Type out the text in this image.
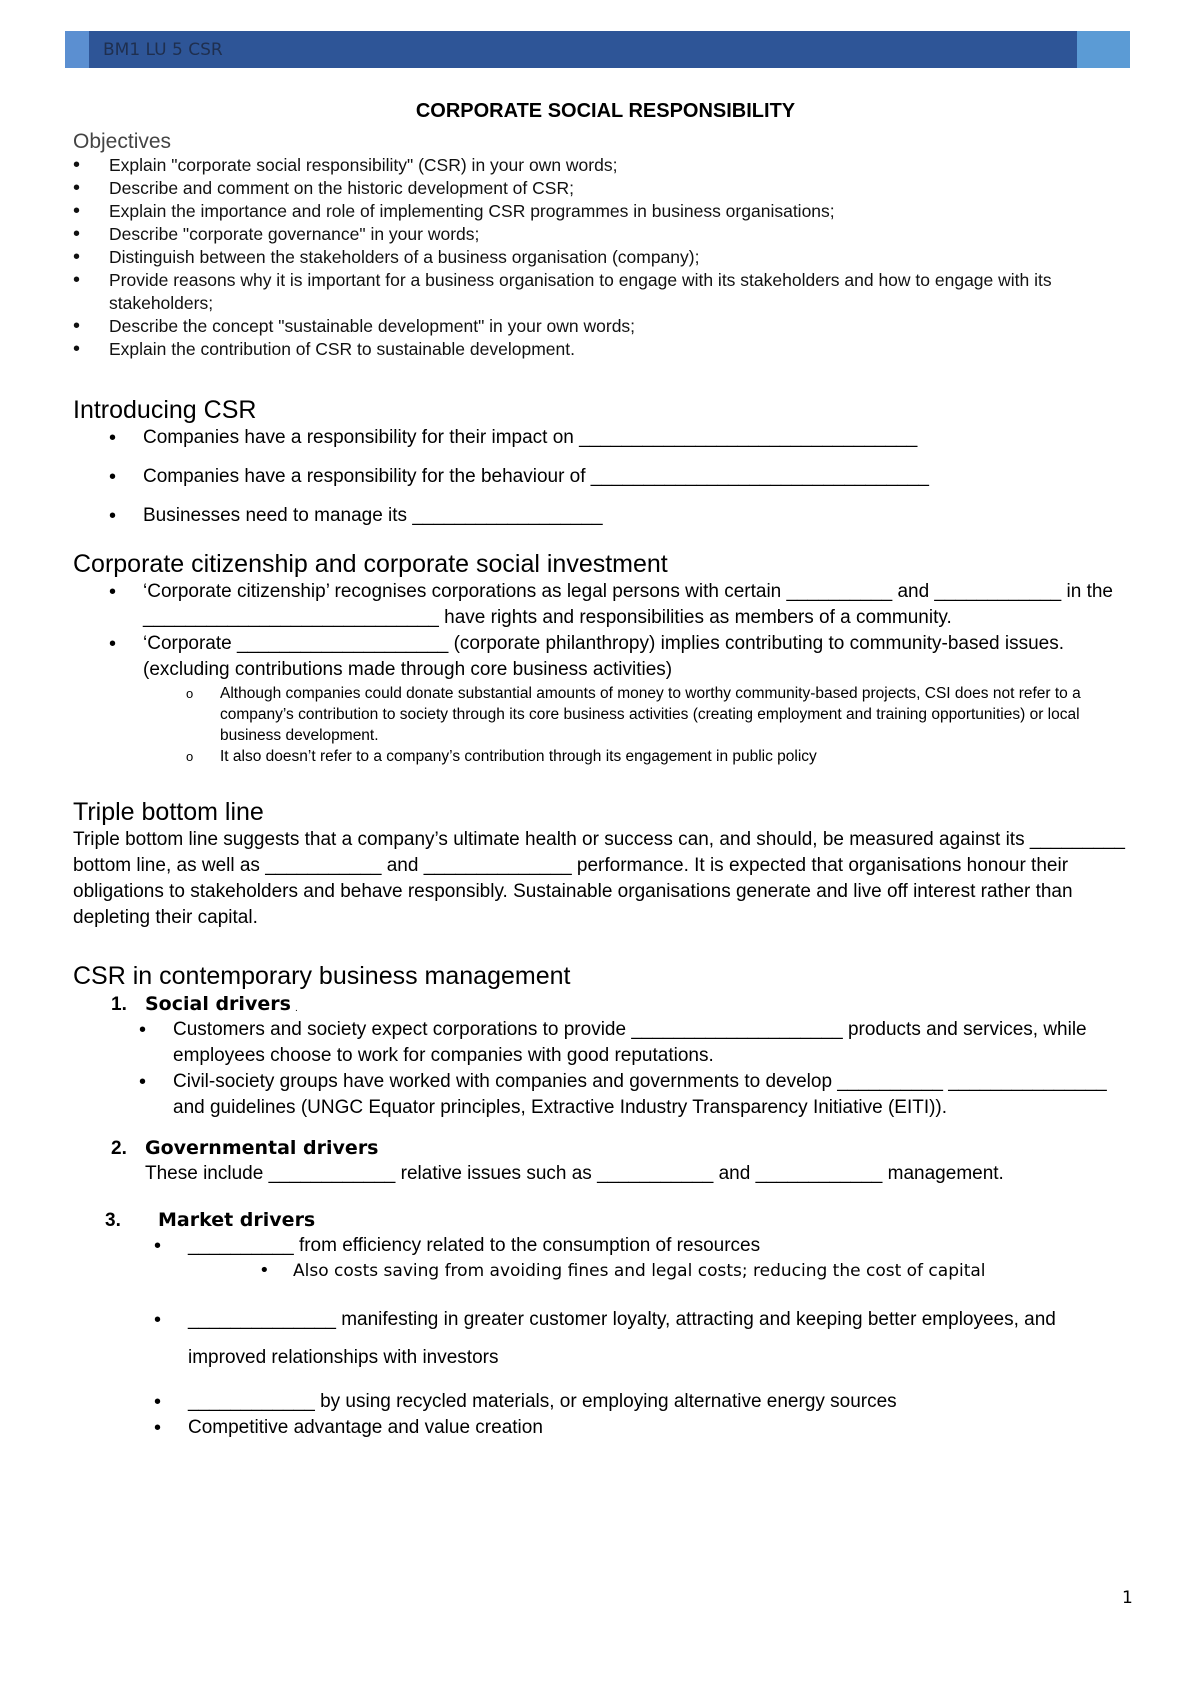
BM1 LU 5 CSR
CORPORATE SOCIAL RESPONSIBILITY
Objectives
• Explain "corporate social responsibility" (CSR) in your own words;
• Describe and comment on the historic development of CSR;
• Explain the importance and role of implementing CSR programmes in business organisations;
• Describe "corporate governance" in your words;
• Distinguish between the stakeholders of a business organisation (company);
• Provide reasons why it is important for a business organisation to engage with its stakeholders and how to engage with its stakeholders;
• Describe the concept "sustainable development" in your own words;
• Explain the contribution of CSR to sustainable development.
Introducing CSR
• Companies have a responsibility for their impact on ________________________________
• Companies have a responsibility for the behaviour of ________________________________
• Businesses need to manage its __________________
Corporate citizenship and corporate social investment
• ‘Corporate citizenship’ recognises corporations as legal persons with certain __________ and ____________ in the ____________________________ have rights and responsibilities as members of a community.
• ‘Corporate ____________________ (corporate philanthropy) implies contributing to community-based issues. (excluding contributions made through core business activities)
o Although companies could donate substantial amounts of money to worthy community-based projects, CSI does not refer to a company’s contribution to society through its core business activities (creating employment and training opportunities) or local business development.
o It also doesn’t refer to a company’s contribution through its engagement in public policy
Triple bottom line

Triple bottom line suggests that a company’s ultimate health or success can, and should, be measured against its _________ bottom line, as well as ___________ and ______________ performance. It is expected that organisations honour their obligations to stakeholders and behave responsibly. Sustainable organisations generate and live off interest rather than depleting their capital.

CSR in contemporary business management
1. Social drivers
• Customers and society expect corporations to provide ____________________ products and services, while employees choose to work for companies with good reputations.
• Civil-society groups have worked with companies and governments to develop __________ _______________ and guidelines (UNGC Equator principles, Extractive Industry Transparency Initiative (EITI)).
2. Governmental drivers

These include ____________ relative issues such as ___________ and ____________ management.

3. Market drivers
• __________ from efficiency related to the consumption of resources
• Also costs saving from avoiding fines and legal costs; reducing the cost of capital
• ______________ manifesting in greater customer loyalty, attracting and keeping better employees, and improved relationships with investors
• ____________ by using recycled materials, or employing alternative energy sources
• Competitive advantage and value creation
.
1
